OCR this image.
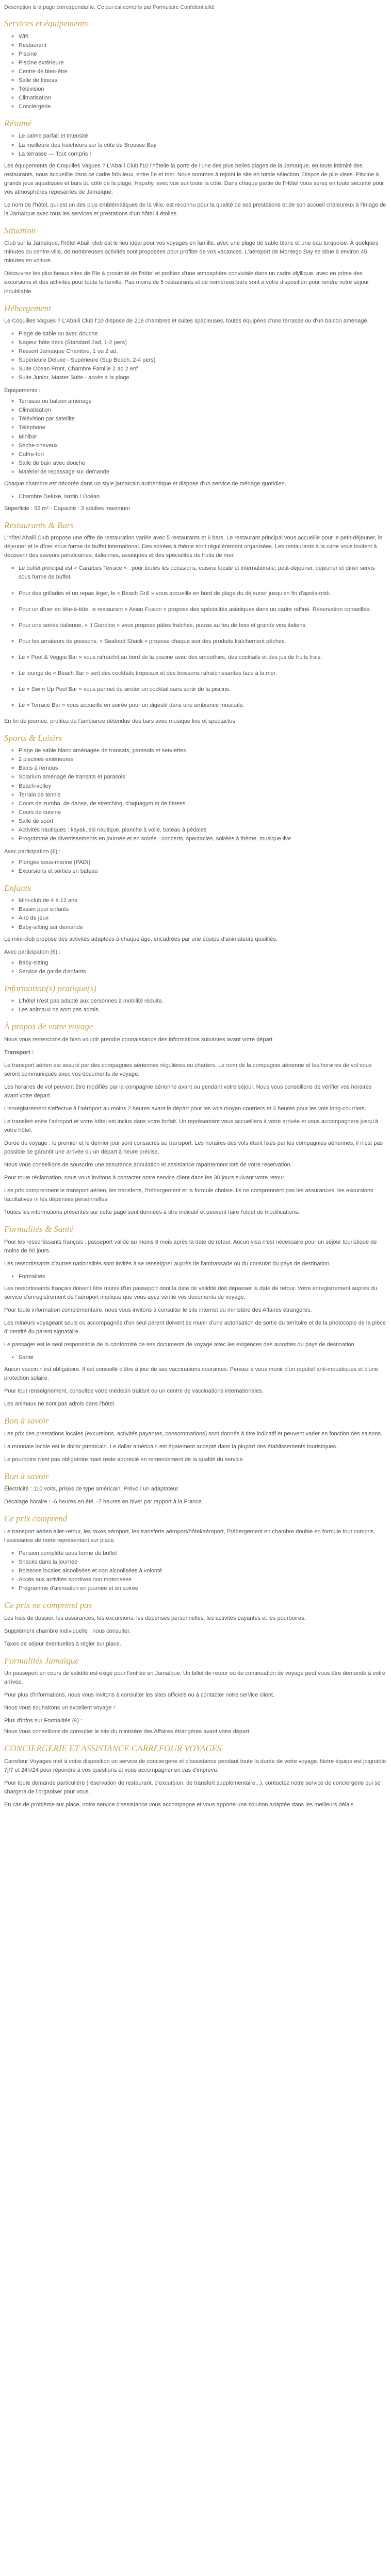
Description à la page correspondante. Ce qui est compris par Formulaire Confidentialité

Services et équipements
◦ Wifi
◦ Restaurant
◦ Piscine
◦ Piscine extérieure
◦ Centre de bien-être
◦ Salle de fitness
◦ Télévision
◦ Climatisation
◦ Conciergerie
Résumé
◦ Le calme parfait et intensité
◦ La meilleure des fraîcheurs sur la côte de Brousse Bay
◦ La terrasse — Tout compris !

Les équipements de Coquilles Vagues ? L'Abaili Club l'10 l'hôtelle la porte de l'une des plus belles plages de la Jamaïque, en toute intimité des restaurants, nous accueillie dans ce cadre fabuleux, entre île et mer. Nous sommes à rejoint le site en totale sélection. Dispos de pile-vises. Piscine à grands jeux aquatiques et bars du côté de la plage, Hapshy, avec vue sur toute la côte. Dans chaque partie de l'Hôtel vous serez en toute sécurité pour vos atmosphères reposantes de Jamaïque.

Le nom de l'hôtel, qui est un des plus emblématiques de la ville, est reconnu pour la qualité de ses prestations et de son accueil chaleureux à l'image de la Jamaïque avec tous les services et prestations d'un hôtel 4 étoiles.

Situation

Club sur la Jamaïque, l'hôtel Abaili club est le lieu idéal pour vos voyages en famille, avec une plage de sable blanc et une eau turquoise. À quelques minutes du centre-ville, de nombreuses activités sont proposées pour profiter de vos vacances. L'aéroport de Montego Bay se situe à environ 45 minutes en voiture.

Découvrez les plus beaux sites de l'île à proximité de l'hôtel et profitez d'une atmosphère conviviale dans un cadre idyllique, avec en prime des excursions et des activités pour toute la famille. Pas moins de 5 restaurants et de nombreux bars sont à votre disposition pour rendre votre séjour inoubliable.

Hébergement

Le Coquilles Vagues ? L'Abaili Club l'10 dispose de 216 chambres et suites spacieuses, toutes équipées d'une terrasse ou d'un balcon aménagé.

◦ Plage de sable ou avec douche
◦ Nageur hôte deck (Standard 2ad, 1-2 pers)
◦ Ressort Jamaïque Chambre, 1 ou 2 ad.
◦ Supérieure Deluxe - Supérieure (Sup Beach, 2-4 pers)
◦ Suite Ocean Front, Chambre Famille 2 ad 2 enf
◦ Suite Junior, Master Suite - accès à la plage

Équipements :

◦ Terrasse ou balcon aménagé
◦ Climatisation
◦ Télévision par satellite
◦ Téléphone
◦ Minibar
◦ Sèche-cheveux
◦ Coffre-fort
◦ Salle de bain avec douche
◦ Matériel de repassage sur demande

Chaque chambre est décorée dans un style jamaïcain authentique et dispose d'un service de ménage quotidien.

• Chambre Deluxe, lardin / Océan

Superficie : 32 m² - Capacité : 3 adultes maximum

Restaurants & Bars

L'hôtel Abaili Club propose une offre de restauration variée avec 5 restaurants et 6 bars. Le restaurant principal vous accueille pour le petit-déjeuner, le déjeuner et le dîner sous forme de buffet international. Des soirées à thème sont régulièrement organisées. Les restaurants à la carte vous invitent à découvrir des saveurs jamaïcaines, italiennes, asiatiques et des spécialités de fruits de mer.

◦ Le buffet principal est « Caraïbes Terrace » : pour toutes les occasions, cuisine locale et internationale, petit-déjeuner, déjeuner et dîner servis sous forme de buffet.
◦ Pour des grillades et un repas léger, le « Beach Grill » vous accueille en bord de plage du déjeuner jusqu'en fin d'après-midi.
◦ Pour un dîner en tête-à-tête, le restaurant « Asian Fusion » propose des spécialités asiatiques dans un cadre raffiné. Réservation conseillée.
◦ Pour une soirée italienne, « Il Giardino » vous propose pâtes fraîches, pizzas au feu de bois et grands vins italiens.
◦ Pour les amateurs de poissons, « Seafood Shack » propose chaque soir des produits fraîchement pêchés.
◦ Le « Pool & Veggie Bar » vous rafraîchit au bord de la piscine avec des smoothies, des cocktails et des jus de fruits frais.
◦ Le lounge de « Beach Bar » sert des cocktails tropicaux et des boissons rafraîchissantes face à la mer.
◦ Le « Swim Up Pool Bar » vous permet de siroter un cocktail sans sortir de la piscine.
◦ Le « Terrace Bar » vous accueille en soirée pour un digestif dans une ambiance musicale.

En fin de journée, profitez de l'ambiance détendue des bars avec musique live et spectacles.

Sports & Loisirs
◦ Plage de sable blanc aménagée de transats, parasols et serviettes
◦ 2 piscines extérieures
◦ Bains à remous
◦ Solarium aménagé de transats et parasols
◦ Beach-volley
◦ Terrain de tennis
◦ Cours de zumba, de danse, de stretching, d'aquagym et de fitness
◦ Cours de cuisine
◦ Salle de sport
◦ Activités nautiques : kayak, ski nautique, planche à voile, bateau à pédales
◦ Programme de divertissements en journée et en soirée : concerts, spectacles, soirées à thème, musique live

Avec participation (€) :

◦ Plongée sous-marine (PADI)
◦ Excursions et sorties en bateau
Enfants
◦ Mini-club de 4 à 12 ans
◦ Bassin pour enfants
◦ Aire de jeux
◦ Baby-sitting sur demande

Le mini-club propose des activités adaptées à chaque âge, encadrées par une équipe d'animateurs qualifiés.

Avec participation (€) :

◦ Baby-sitting
◦ Service de garde d'enfants
Information(s) pratique(s)
◦ L'hôtel n'est pas adapté aux personnes à mobilité réduite.
◦ Les animaux ne sont pas admis.
À propos de votre voyage

Nous vous remercions de bien vouloir prendre connaissance des informations suivantes avant votre départ.

Transport :

Le transport aérien est assuré par des compagnies aériennes régulières ou charters. Le nom de la compagnie aérienne et les horaires de vol vous seront communiqués avec vos documents de voyage.

Les horaires de vol peuvent être modifiés par la compagnie aérienne avant ou pendant votre séjour. Nous vous conseillons de vérifier vos horaires avant votre départ.

L'enregistrement s'effectue à l'aéroport au moins 2 heures avant le départ pour les vols moyen-courriers et 3 heures pour les vols long-courriers.

Le transfert entre l'aéroport et votre hôtel est inclus dans votre forfait. Un représentant vous accueillera à votre arrivée et vous accompagnera jusqu'à votre hôtel.

Durée du voyage : le premier et le dernier jour sont consacrés au transport. Les horaires des vols étant fixés par les compagnies aériennes, il n'est pas possible de garantir une arrivée ou un départ à heure précise.

Nous vous conseillons de souscrire une assurance annulation et assistance rapatriement lors de votre réservation.

Pour toute réclamation, nous vous invitons à contacter notre service client dans les 30 jours suivant votre retour.

Les prix comprennent le transport aérien, les transferts, l'hébergement et la formule choisie. Ils ne comprennent pas les assurances, les excursions facultatives ni les dépenses personnelles.

Toutes les informations présentes sur cette page sont données à titre indicatif et peuvent faire l'objet de modifications.

Formalités & Santé

Pour les ressortissants français : passeport valide au moins 6 mois après la date de retour. Aucun visa n'est nécessaire pour un séjour touristique de moins de 90 jours.

Les ressortissants d'autres nationalités sont invités à se renseigner auprès de l'ambassade ou du consulat du pays de destination.

• Formalités

Les ressortissants français doivent être munis d'un passeport dont la date de validité doit dépasser la date de retour. Votre enregistrement auprès du service d'enregistrement de l'aéroport implique que vous ayez vérifié vos documents de voyage.

Pour toute information complémentaire, nous vous invitons à consulter le site internet du ministère des Affaires étrangères.

Les mineurs voyageant seuls ou accompagnés d'un seul parent doivent se munir d'une autorisation de sortie du territoire et de la photocopie de la pièce d'identité du parent signataire.

Le passager est le seul responsable de la conformité de ses documents de voyage avec les exigences des autorités du pays de destination.

• Santé

Aucun vaccin n'est obligatoire. Il est conseillé d'être à jour de ses vaccinations courantes. Pensez à vous munir d'un répulsif anti-moustiques et d'une protection solaire.

Pour tout renseignement, consultez votre médecin traitant ou un centre de vaccinations internationales.

Les animaux ne sont pas admis dans l'hôtel.

Bon à savoir

Les prix des prestations locales (excursions, activités payantes, consommations) sont donnés à titre indicatif et peuvent varier en fonction des saisons.

La monnaie locale est le dollar jamaïcain. Le dollar américain est également accepté dans la plupart des établissements touristiques.

Le pourboire n'est pas obligatoire mais reste apprécié en remerciement de la qualité du service.

Bon à savoir

Électricité : 110 volts, prises de type américain. Prévoir un adaptateur.

Décalage horaire : -6 heures en été, -7 heures en hiver par rapport à la France.

Ce prix comprend

Le transport aérien aller-retour, les taxes aéroport, les transferts aéroport/hôtel/aéroport, l'hébergement en chambre double en formule tout compris, l'assistance de notre représentant sur place.

◦ Pension complète sous forme de buffet
◦ Snacks dans la journée
◦ Boissons locales alcoolisées et non alcoolisées à volonté
◦ Accès aux activités sportives non motorisées
◦ Programme d'animation en journée et en soirée
Ce prix ne comprend pas

Les frais de dossier, les assurances, les excursions, les dépenses personnelles, les activités payantes et les pourboires.

Supplément chambre individuelle : nous consulter.

Taxes de séjour éventuelles à régler sur place.

Formalités Jamaïque

Un passeport en cours de validité est exigé pour l'entrée en Jamaïque. Un billet de retour ou de continuation de voyage peut vous être demandé à votre arrivée.

Pour plus d'informations, nous vous invitons à consulter les sites officiels ou à contacter notre service client.

Nous vous souhaitons un excellent voyage !

Plus d'infos sur Formalités (€) :

Nous vous conseillons de consulter le site du ministère des Affaires étrangères avant votre départ.

CONCIERGERIE ET ASSISTANCE CARREFOUR VOYAGES

Carrefour Voyages met à votre disposition un service de conciergerie et d'assistance pendant toute la durée de votre voyage. Notre équipe est joignable 7j/7 et 24h/24 pour répondre à vos questions et vous accompagner en cas d'imprévu.

Pour toute demande particulière (réservation de restaurant, d'excursion, de transfert supplémentaire...), contactez notre service de conciergerie qui se chargera de l'organiser pour vous.

En cas de problème sur place, notre service d'assistance vous accompagne et vous apporte une solution adaptée dans les meilleurs délais.
